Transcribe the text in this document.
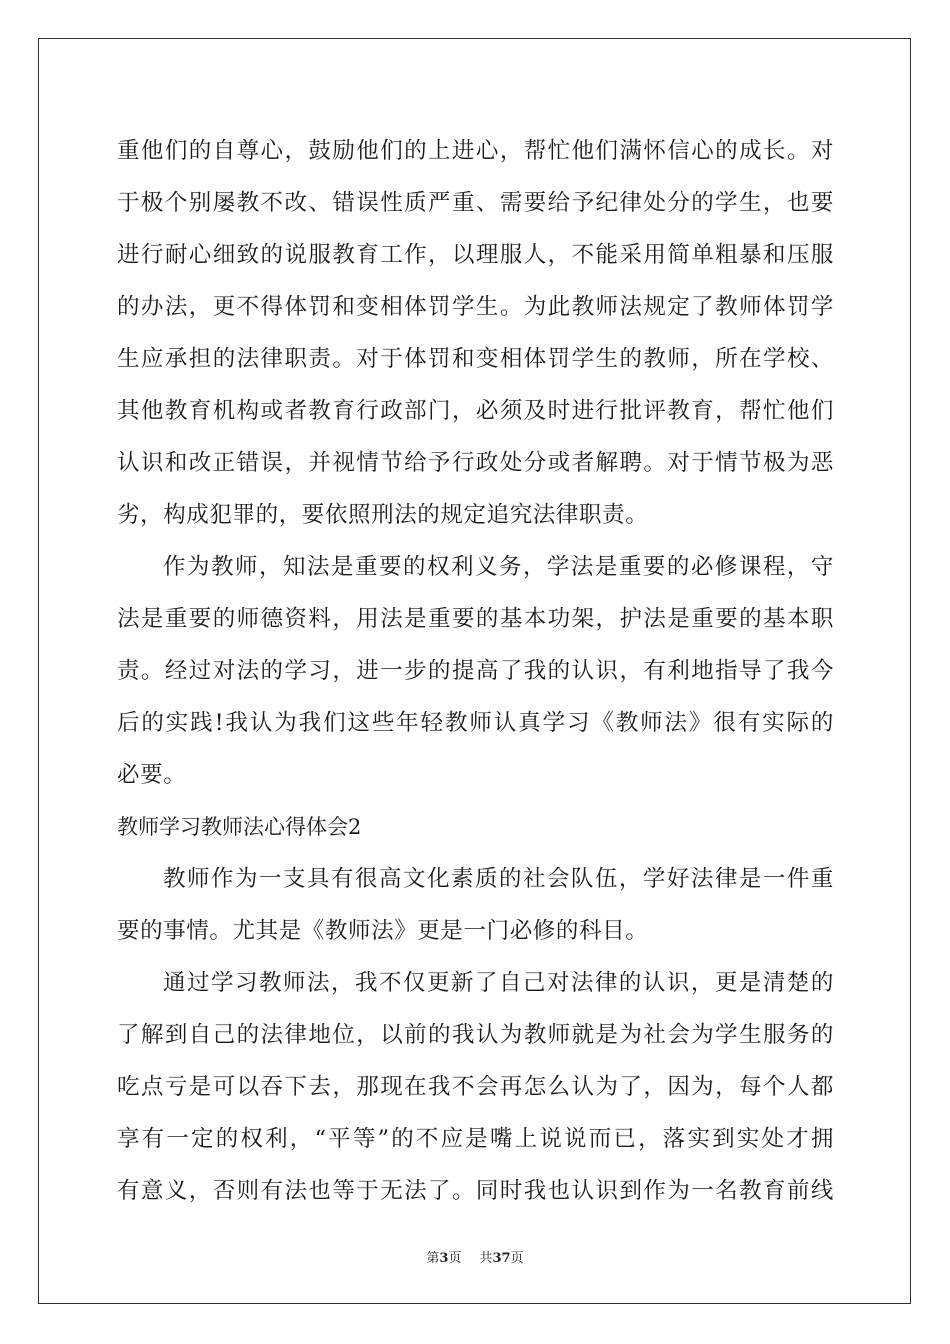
重他们的自尊心，鼓励他们的上进心，帮忙他们满怀信心的成长。对
于极个别屡教不改、错误性质严重、需要给予纪律处分的学生，也要
进行耐心细致的说服教育工作，以理服人，不能采用简单粗暴和压服
的办法，更不得体罚和变相体罚学生。为此教师法规定了教师体罚学
生应承担的法律职责。对于体罚和变相体罚学生的教师，所在学校、
其他教育机构或者教育行政部门，必须及时进行批评教育，帮忙他们
认识和改正错误，并视情节给予行政处分或者解聘。对于情节极为恶
劣，构成犯罪的，要依照刑法的规定追究法律职责。
作为教师，知法是重要的权利义务，学法是重要的必修课程，守
法是重要的师德资料，用法是重要的基本功架，护法是重要的基本职
责。经过对法的学习，进一步的提高了我的认识，有利地指导了我今
后的实践!我认为我们这些年轻教师认真学习《教师法》很有实际的
必要。
教师学习教师法心得体会2
教师作为一支具有很高文化素质的社会队伍，学好法律是一件重
要的事情。尤其是《教师法》更是一门必修的科目。
通过学习教师法，我不仅更新了自己对法律的认识，更是清楚的
了解到自己的法律地位，以前的我认为教师就是为社会为学生服务的
吃点亏是可以吞下去，那现在我不会再怎么认为了，因为，每个人都
享有一定的权利，“平等”的不应是嘴上说说而已，落实到实处才拥
有意义，否则有法也等于无法了。同时我也认识到作为一名教育前线
第3页 共37页
